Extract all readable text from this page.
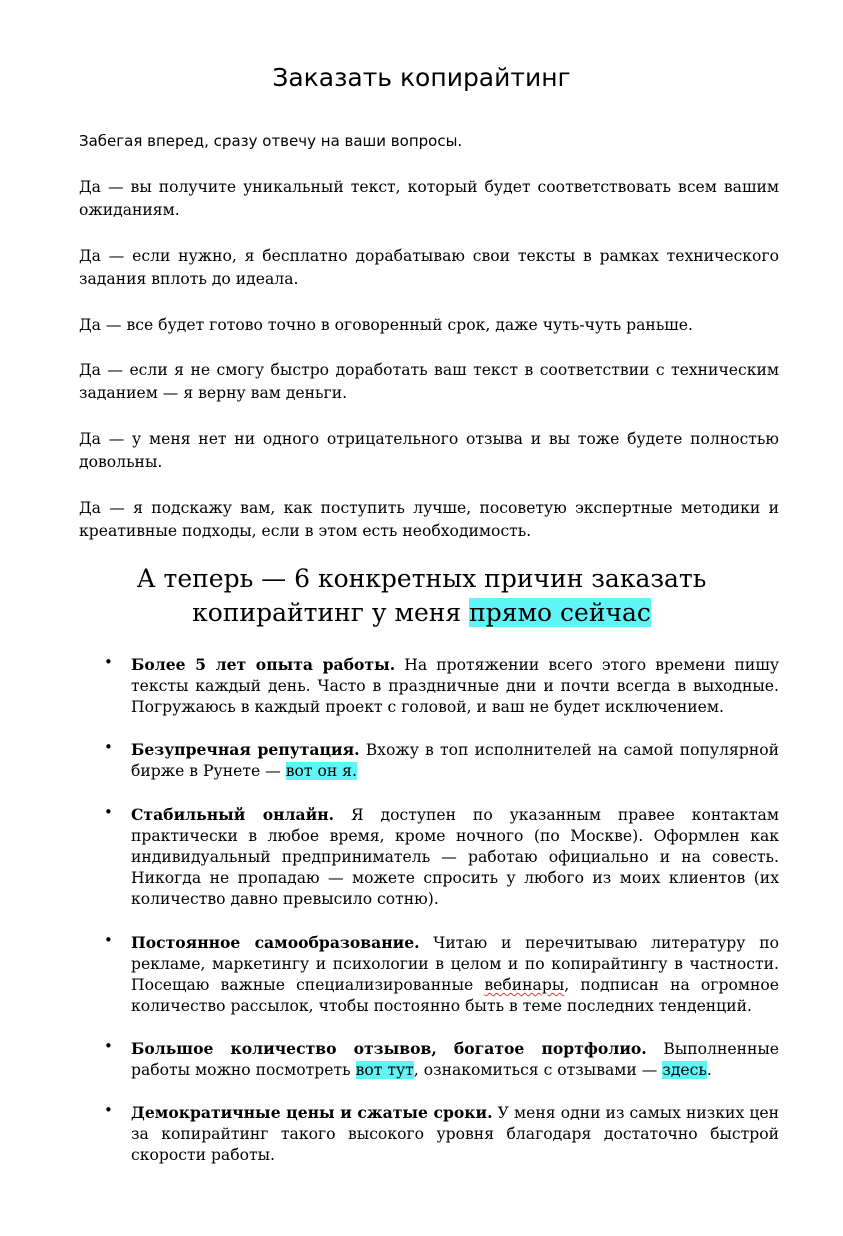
Заказать копирайтинг

Забегая вперед, сразу отвечу на ваши вопросы.

Да — вы получите уникальный текст, который будет соответствовать всем вашим ожиданиям.

Да — если нужно, я бесплатно дорабатываю свои тексты в рамках технического задания вплоть до идеала.

Да — все будет готово точно в оговоренный срок, даже чуть-чуть раньше.

Да — если я не смогу быстро доработать ваш текст в соответствии с техническим заданием — я верну вам деньги.

Да — у меня нет ни одного отрицательного отзыва и вы тоже будете полностью довольны.

Да — я подскажу вам, как поступить лучше, посоветую экспертные методики и креативные подходы, если в этом есть необходимость.

А теперь — 6 конкретных причин заказать
копирайтинг у меня прямо сейчас
• Более 5 лет опыта работы. На протяжении всего этого времени пишу тексты каждый день. Часто в праздничные дни и почти всегда в выходные. Погружаюсь в каждый проект с головой, и ваш не будет исключением.

• Безупречная репутация. Вхожу в топ исполнителей на самой популярной бирже в Рунете — вот он я.

• Стабильный онлайн. Я доступен по указанным правее контактам практически в любое время, кроме ночного (по Москве). Оформлен как индивидуальный предприниматель — работаю официально и на совесть. Никогда не пропадаю — можете спросить у любого из моих клиентов (их количество давно превысило сотню).

• Постоянное самообразование. Читаю и перечитываю литературу по рекламе, маркетингу и психологии в целом и по копирайтингу в частности. Посещаю важные специализированные вебинары, подписан на огромное количество рассылок, чтобы постоянно быть в теме последних тенденций.

• Большое количество отзывов, богатое портфолио. Выполненные работы можно посмотреть вот тут, ознакомиться с отзывами — здесь.

• Демократичные цены и сжатые сроки. У меня одни из самых низких цен за копирайтинг такого высокого уровня благодаря достаточно быстрой скорости работы.
